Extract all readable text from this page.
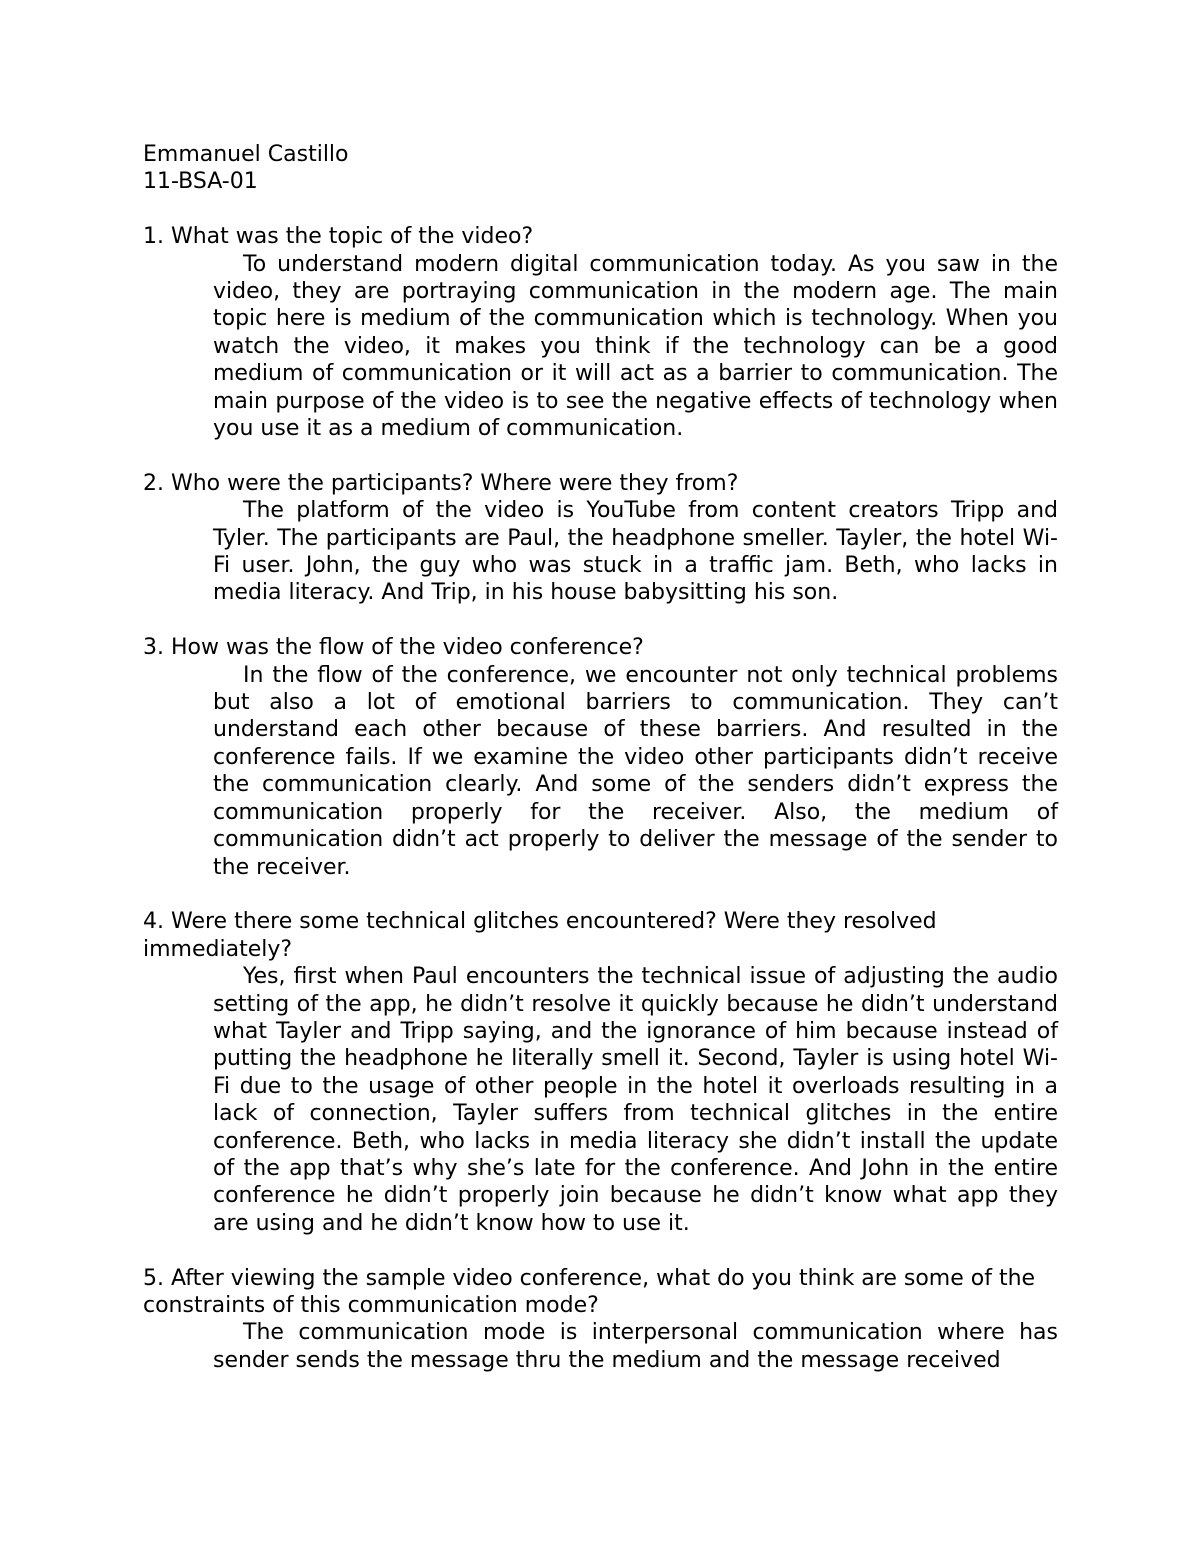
Emmanuel Castillo

11-BSA-01

1. What was the topic of the video?

To understand modern digital communication today. As you saw in the video, they are portraying communication in the modern age. The main topic here is medium of the communication which is technology. When you watch the video, it makes you think if the technology can be a good medium of communication or it will act as a barrier to communication. The main purpose of the video is to see the negative effects of technology when you use it as a medium of communication.

2. Who were the participants? Where were they from?

The platform of the video is YouTube from content creators Tripp and Tyler. The participants are Paul, the headphone smeller. Tayler, the hotel Wi-Fi user. John, the guy who was stuck in a traffic jam. Beth, who lacks in media literacy. And Trip, in his house babysitting his son.

3. How was the flow of the video conference?

In the flow of the conference, we encounter not only technical problems but also a lot of emotional barriers to communication. They can’t understand each other because of these barriers. And resulted in the conference fails. If we examine the video other participants didn’t receive the communication clearly. And some of the senders didn’t express the communication properly for the receiver. Also, the medium of communication didn’t act properly to deliver the message of the sender to the receiver.

4. Were there some technical glitches encountered? Were they resolved immediately?

Yes, first when Paul encounters the technical issue of adjusting the audio setting of the app, he didn’t resolve it quickly because he didn’t understand what Tayler and Tripp saying, and the ignorance of him because instead of putting the headphone he literally smell it. Second, Tayler is using hotel Wi-Fi due to the usage of other people in the hotel it overloads resulting in a lack of connection, Tayler suffers from technical glitches in the entire conference. Beth, who lacks in media literacy she didn’t install the update of the app that’s why she’s late for the conference. And John in the entire conference he didn’t properly join because he didn’t know what app they are using and he didn’t know how to use it.

5. After viewing the sample video conference, what do you think are some of the constraints of this communication mode?

The communication mode is interpersonal communication where has sender sends the message thru the medium and the message received
